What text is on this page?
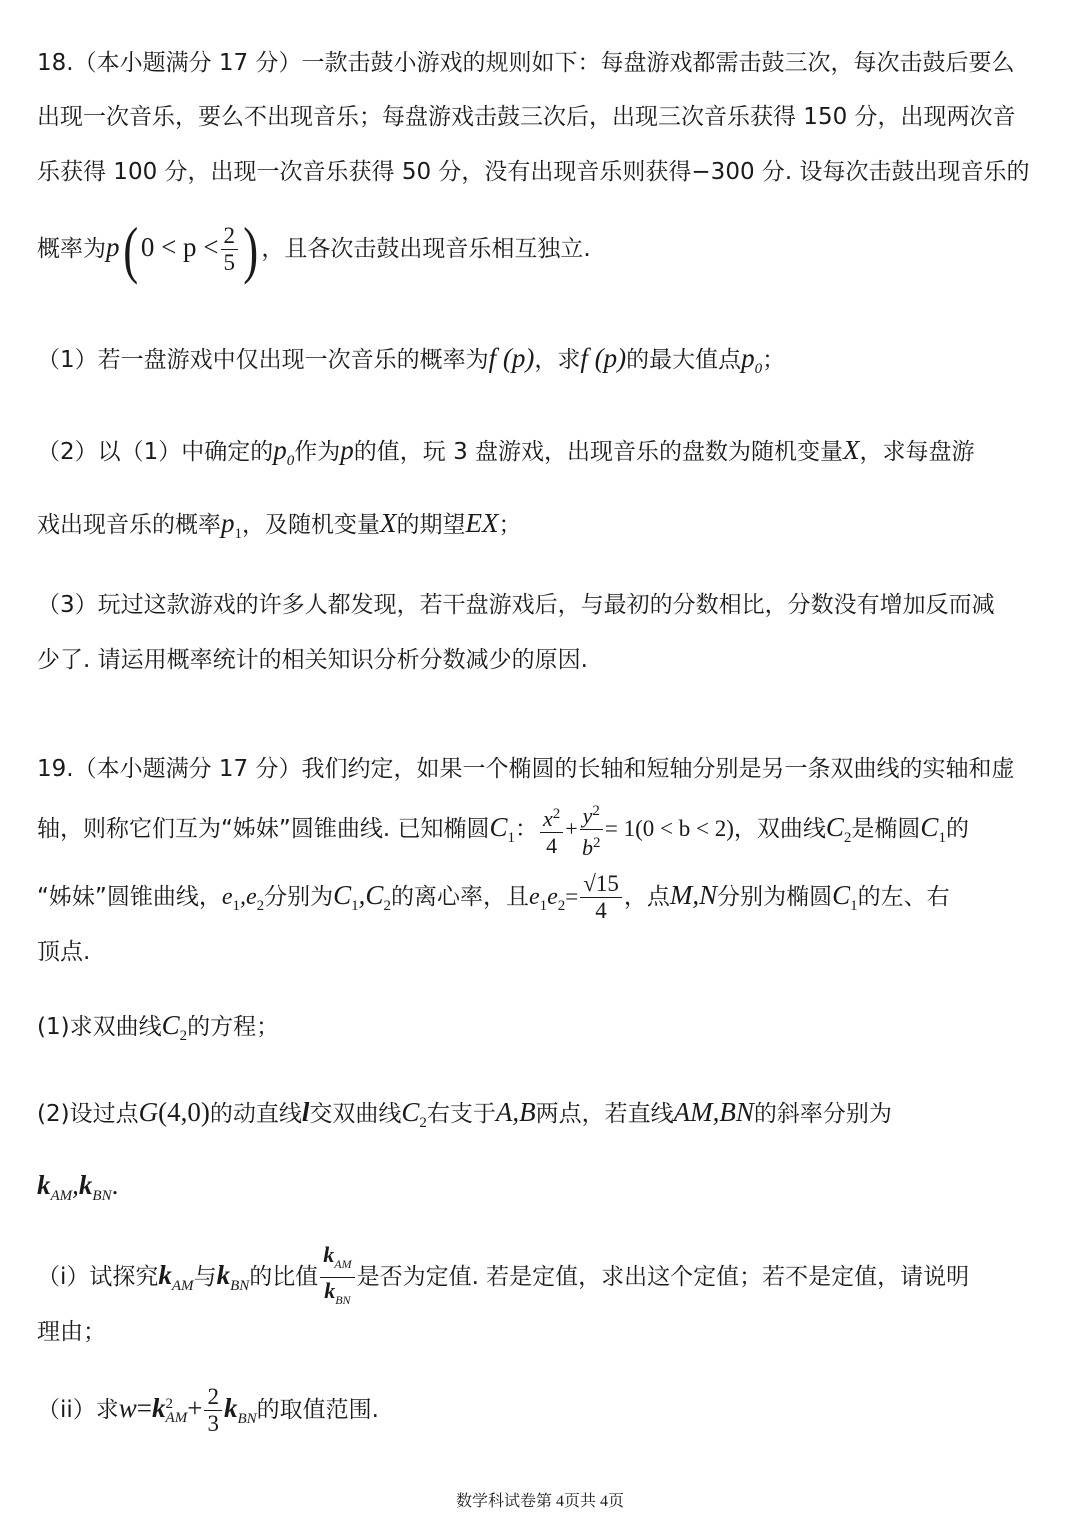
18.（本小题满分 17 分）一款击鼓小游戏的规则如下：每盘游戏都需击鼓三次，每次击鼓后要么
出现一次音乐，要么不出现音乐；每盘游戏击鼓三次后，出现三次音乐获得 150 分，出现两次音
乐获得 100 分，出现一次音乐获得 50 分，没有出现音乐则获得−300 分. 设每次击鼓出现音乐的
概率为p( $0 < p < \frac{2}{5}$ ) ，且各次击鼓出现音乐相互独立.
（1）若一盘游戏中仅出现一次音乐的概率为f (p)，求f (p)的最大值点$p_0$；
（2）以（1）中确定的$p_0$作为p的值，玩 3 盘游戏，出现音乐的盘数为随机变量X，求每盘游
戏出现音乐的概率$p_1$，及随机变量X的期望EX；
（3）玩过这款游戏的许多人都发现，若干盘游戏后，与最初的分数相比，分数没有增加反而减
少了. 请运用概率统计的相关知识分析分数减少的原因.
19.（本小题满分 17 分）我们约定，如果一个椭圆的长轴和短轴分别是另一条双曲线的实轴和虚
轴，则称它们互为“姊妹”圆锥曲线. 已知椭圆$C_1$： $\frac{x^2}{4} + \frac{y^2}{b^2} = 1(0 < b < 2)$，双曲线$C_2$是椭圆$C_1$的
“姊妹”圆锥曲线，$e_1,e_2$分别为$C_1,C_2$的离心率，且$e_1e_2= \frac{√15}{4}$ ，点M,N分别为椭圆$C_1$的左、右
顶点.
(1)求双曲线$C_2$的方程；
(2)设过点G(4,0)的动直线l交双曲线$C_2$右支于A,B两点，若直线AM,BN的斜率分别为
$k_{AM},k_{BN}$.
（i）试探究$k_{AM}$与$k_{BN}$的比值 $\frac{k_{AM}}{k_{BN}}$ 是否为定值. 若是定值，求出这个定值；若不是定值，请说明
理由；
（ii）求w=k 2
AM + $\frac{2}{3} k_{BN}$的取值范围.
数学科试卷第 4页共 4页
